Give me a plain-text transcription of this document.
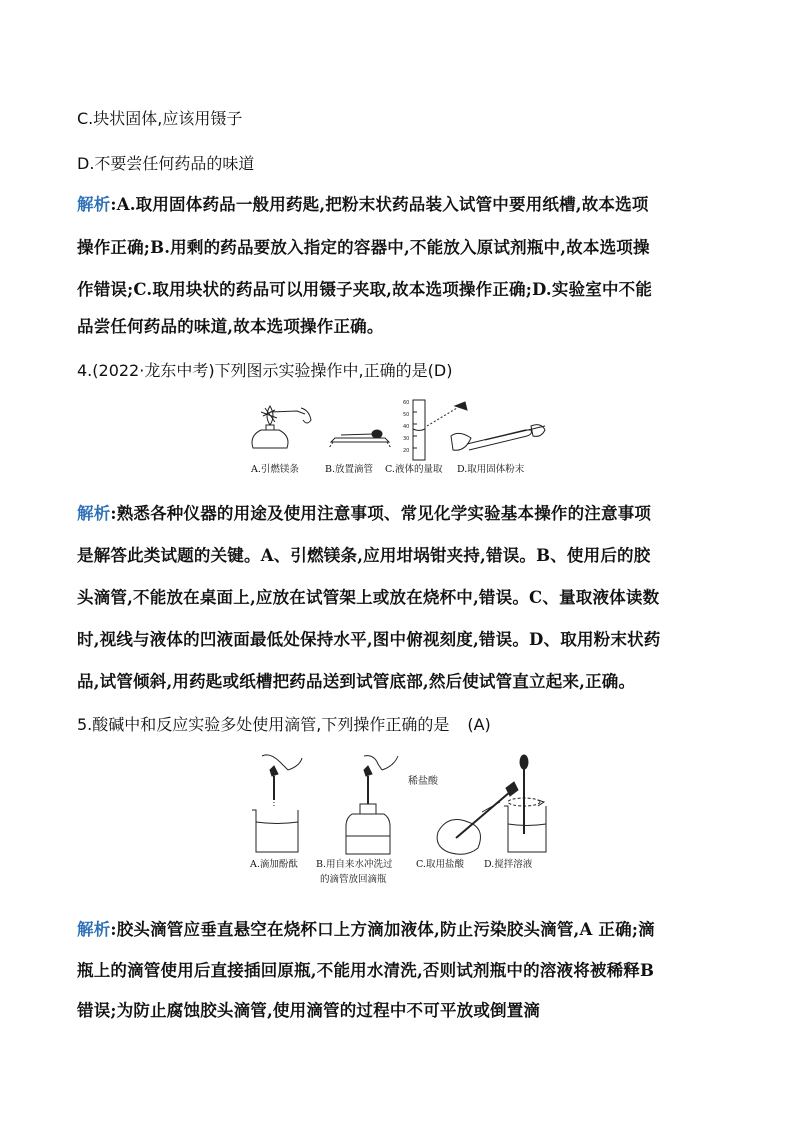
C.块状固体,应该用镊子
D.不要尝任何药品的味道
解析:A.取用固体药品一般用药匙,把粉末状药品装入试管中要用纸槽,故本选项
操作正确;B.用剩的药品要放入指定的容器中,不能放入原试剂瓶中,故本选项操
作错误;C.取用块状的药品可以用镊子夹取,故本选项操作正确;D.实验室中不能
品尝任何药品的味道,故本选项操作正确。
4.(2022·龙东中考)下列图示实验操作中,正确的是(D)
60
50
40
30
20
A.引燃镁条	B.放置滴管 C.液体的量取 D.取用固体粉末
解析:熟悉各种仪器的用途及使用注意事项、常见化学实验基本操作的注意事项
是解答此类试题的关键。A、引燃镁条,应用坩埚钳夹持,错误。B、使用后的胶
头滴管,不能放在桌面上,应放在试管架上或放在烧杯中,错误。C、量取液体读数
时,视线与液体的凹液面最低处保持水平,图中俯视刻度,错误。D、取用粉末状药
品,试管倾斜,用药匙或纸槽把药品送到试管底部,然后使试管直立起来,正确。
5.酸碱中和反应实验多处使用滴管,下列操作正确的是 (A)
稀盐酸
A.滴加酚酞 B.用自来水冲洗过
的滴管放回滴瓶
C.取用盐酸 D.搅拌溶液
解析:胶头滴管应垂直悬空在烧杯口上方滴加液体,防止污染胶头滴管,A 正确;滴
瓶上的滴管使用后直接插回原瓶,不能用水清洗,否则试剂瓶中的溶液将被稀释B
错误;为防止腐蚀胶头滴管,使用滴管的过程中不可平放或倒置滴
